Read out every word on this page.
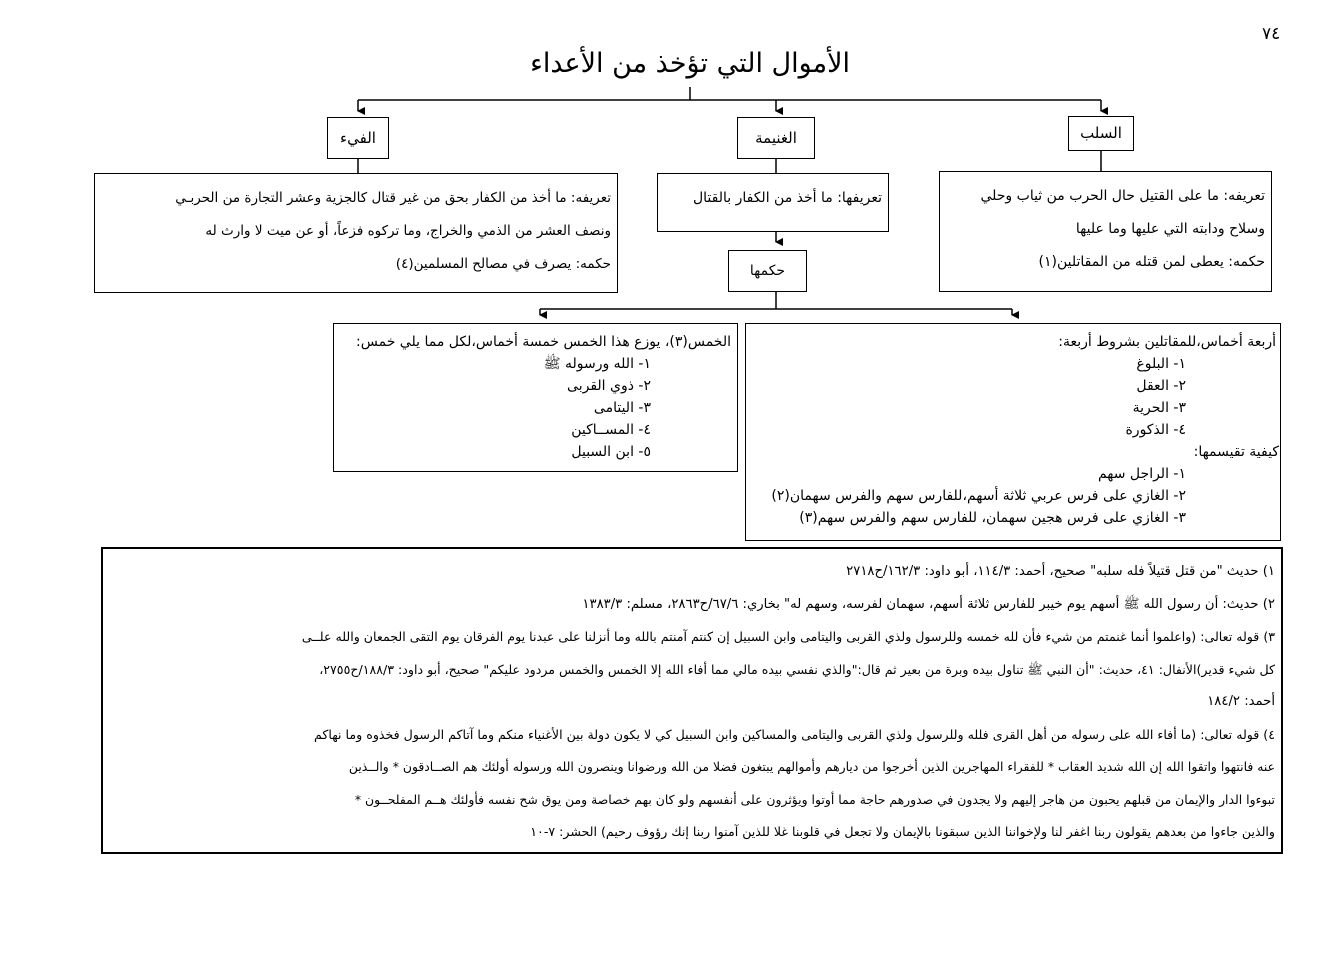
٧٤
الأموال التي تؤخذ من الأعداء
الفيء	الغنيمة	السلب
تعريفه: ما أخذ من الكفار بحق من غير قتال كالجزية وعشر التجارة من الحربـي
ونصف العشر من الذمي والخراج، وما تركوه فزعاً، أو عن ميت لا وارث له
حكمه: يصرف في مصالح المسلمين(٤)
تعريفها: ما أخذ من الكفار بالقتال
حكمها
تعريفه: ما على القتيل حال الحرب من ثياب وحلي
وسلاح ودابته التي عليها وما عليها
حكمه: يعطى لمن قتله من المقاتلين(١)
الخمس(٣)، يوزع هذا الخمس خمسة أخماس،لكل مما يلي خمس:
١- الله ورسوله ﷺ
٢- ذوي القربى
٣- اليتامى
٤- المســاكين
٥- ابن السبيل
أربعة أخماس،للمقاتلين بشروط أربعة:
١- البلوغ
٢- العقل
٣- الحرية
٤- الذكورة
كيفية تقيسمها:
١- الراجل سهم
٢- الغازي على فرس عربي ثلاثة أسهم،للفارس سهم والفرس سهمان(٢)
٣- الغازي على فرس هجين سهمان، للفارس سهم والفرس سهم(٣)
١) حديث "من قتل قتيلاً فله سلبه" صحيح، أحمد: ١١٤/٣، أبو داود: ١٦٢/٣/ح٢٧١٨
٢) حديث: أن رسول الله ﷺ أسهم يوم خيبر للفارس ثلاثة أسهم، سهمان لفرسه، وسهم له" بخاري: ٦٧/٦/ح٢٨٦٣، مسلم: ١٣٨٣/٣
٣) قوله تعالى: (واعلموا أنما غنمتم من شيء فأن لله خمسه وللرسول ولذي القربى واليتامى وابن السبيل إن كنتم آمنتم بالله وما أنزلنا على عبدنا يوم الفرقان يوم التقى الجمعان والله علــى
كل شيء قدير)الأنفال: ٤١، حديث: "أن النبي ﷺ تناول بيده وبرة من بعير ثم قال:"والذي نفسي بيده مالي مما أفاء الله إلا الخمس والخمس مردود عليكم" صحيح، أبو داود: ١٨٨/٣/ح٢٧٥٥،
أحمد: ١٨٤/٢
٤) قوله تعالى: (ما أفاء الله على رسوله من أهل القرى فلله وللرسول ولذي القربى واليتامى والمساكين وابن السبيل كي لا يكون دولة بين الأغنياء منكم وما آتاكم الرسول فخذوه وما نهاكم
عنه فانتهوا واتقوا الله إن الله شديد العقاب * للفقراء المهاجرين الذين أخرجوا من ديارهم وأموالهم يبتغون فضلا من الله ورضوانا وينصرون الله ورسوله أولئك هم الصــادقون * والــذين
تبوءوا الدار والإيمان من قبلهم يحبون من هاجر إليهم ولا يجدون في صدورهم حاجة مما أوتوا ويؤثرون على أنفسهم ولو كان بهم خصاصة ومن يوق شح نفسه فأولئك هــم المفلحــون *
والذين جاءوا من بعدهم يقولون ربنا اغفر لنا ولإخواننا الذين سبقونا بالإيمان ولا تجعل في قلوبنا غلا للذين آمنوا ربنا إنك رؤوف رحيم) الحشر: ٧-١٠
